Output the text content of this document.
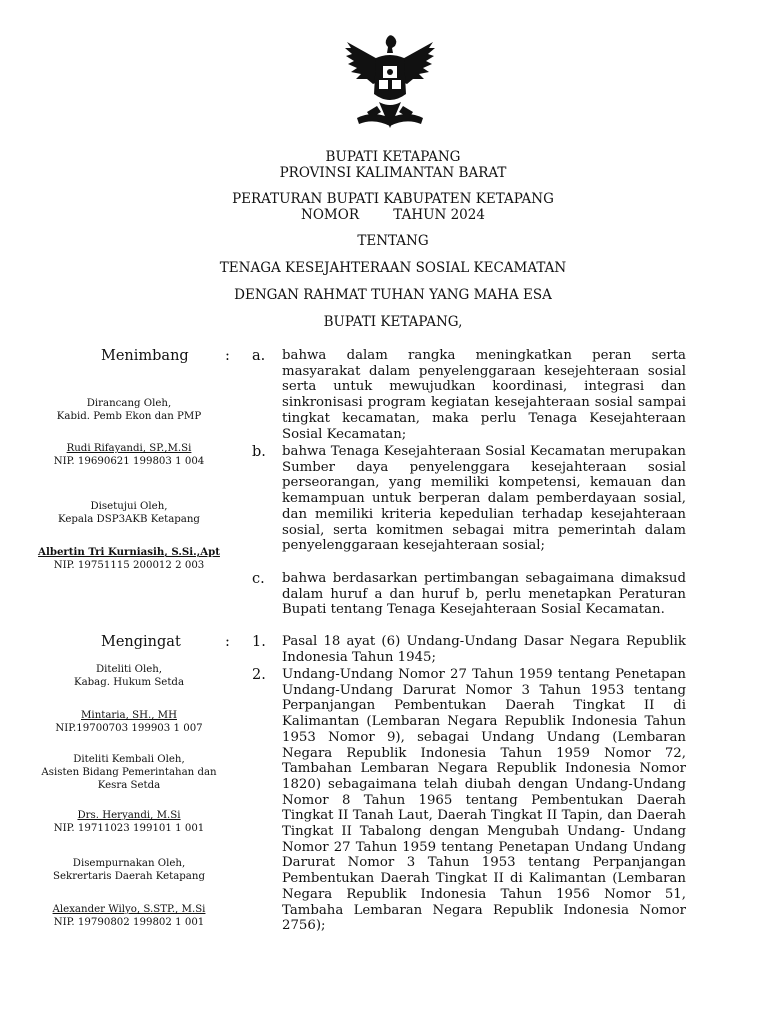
BUPATI KETAPANG
PROVINSI KALIMANTAN BARAT
PERATURAN BUPATI KABUPATEN KETAPANG
NOMOR        TAHUN 2024
TENTANG
TENAGA KESEJAHTERAAN SOSIAL KECAMATAN
DENGAN RAHMAT TUHAN YANG MAHA ESA
BUPATI KETAPANG,
Menimbang	: a. bahwa dalam rangka meningkatkan peran serta masyarakat dalam penyelenggaraan kesejehteraan sosial serta untuk mewujudkan koordinasi, integrasi dan sinkronisasi program kegiatan kesejahteraan sosial sampai tingkat kecamatan, maka perlu Tenaga Kesejahteraan Sosial Kecamatan;
b. bahwa Tenaga Kesejahteraan Sosial Kecamatan merupakan Sumber daya penyelenggara kesejahteraan sosial perseorangan, yang memiliki kompetensi, kemauan dan kemampuan untuk berperan dalam pemberdayaan sosial, dan memiliki kriteria kepedulian terhadap kesejahteraan sosial, serta komitmen sebagai mitra pemerintah dalam penyelenggaraan kesejahteraan sosial;
c. bahwa berdasarkan pertimbangan sebagaimana dimaksud dalam huruf a dan huruf b, perlu menetapkan Peraturan Bupati tentang Tenaga Kesejahteraan Sosial Kecamatan.
Mengingat	: 1. Pasal 18 ayat (6) Undang-Undang Dasar Negara Republik Indonesia Tahun 1945;
2. Undang-Undang Nomor 27 Tahun 1959 tentang Penetapan Undang-Undang Darurat Nomor 3 Tahun 1953 tentang Perpanjangan Pembentukan Daerah Tingkat II di Kalimantan (Lembaran Negara Republik Indonesia Tahun 1953 Nomor 9), sebagai Undang Undang (Lembaran Negara Republik Indonesia Tahun 1959 Nomor 72, Tambahan Lembaran Negara Republik Indonesia Nomor 1820) sebagaimana telah diubah dengan Undang-Undang Nomor 8 Tahun 1965 tentang Pembentukan Daerah Tingkat II Tanah Laut, Daerah Tingkat II Tapin, dan Daerah Tingkat II Tabalong dengan Mengubah Undang- Undang Nomor 27 Tahun 1959 tentang Penetapan Undang Undang Darurat Nomor 3 Tahun 1953 tentang Perpanjangan Pembentukan Daerah Tingkat II di Kalimantan (Lembaran Negara Republik Indonesia Tahun 1956 Nomor 51, Tambaha Lembaran Negara Republik Indonesia Nomor 2756);
Dirancang Oleh,
Kabid. Pemb Ekon dan PMP
Rudi Rifayandi, SP.,M.Si
NIP. 19690621 199803 1 004
Disetujui Oleh,
Kepala DSP3AKB Ketapang
Albertin Tri Kurniasih, S.Si.,Apt
NIP. 19751115 200012 2 003
Diteliti Oleh,
Kabag. Hukum Setda
Mintaria, SH., MH
NIP.19700703 199903 1 007
Diteliti Kembali Oleh,
Asisten Bidang Pemerintahan dan
Kesra Setda
Drs. Heryandi, M.Si
NIP. 19711023 199101 1 001
Disempurnakan Oleh,
Sekrertaris Daerah Ketapang
Alexander Wilyo, S.STP., M.Si
NIP. 19790802 199802 1 001
